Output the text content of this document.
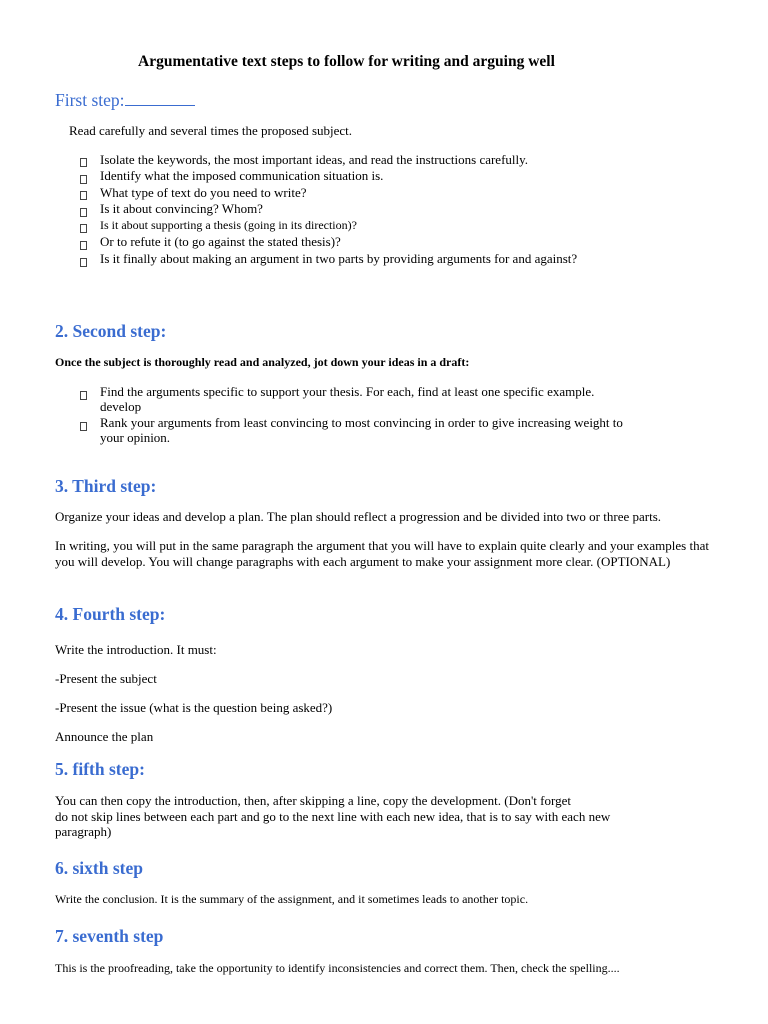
Argumentative text steps to follow for writing and arguing well
First step:
Read carefully and several times the proposed subject.
Isolate the keywords, the most important ideas, and read the instructions carefully.
Identify what the imposed communication situation is.
What type of text do you need to write?
Is it about convincing? Whom?
Is it about supporting a thesis (going in its direction)?
Or to refute it (to go against the stated thesis)?
Is it finally about making an argument in two parts by providing arguments for and against?
2. Second step:
Once the subject is thoroughly read and analyzed, jot down your ideas in a draft:
Find the arguments specific to support your thesis. For each, find at least one specific example.
develop
Rank your arguments from least convincing to most convincing in order to give increasing weight to
your opinion.
3. Third step:
Organize your ideas and develop a plan. The plan should reflect a progression and be divided into two or three parts.
In writing, you will put in the same paragraph the argument that you will have to explain quite clearly and your examples that you will develop. You will change paragraphs with each argument to make your assignment more clear. (OPTIONAL)
4. Fourth step:
Write the introduction. It must:
-Present the subject
-Present the issue (what is the question being asked?)
Announce the plan
5. fifth step:
You can then copy the introduction, then, after skipping a line, copy the development. (Don't forget
do not skip lines between each part and go to the next line with each new idea, that is to say with each new
paragraph)
6. sixth step
Write the conclusion. It is the summary of the assignment, and it sometimes leads to another topic.
7. seventh step
This is the proofreading, take the opportunity to identify inconsistencies and correct them. Then, check the spelling....
